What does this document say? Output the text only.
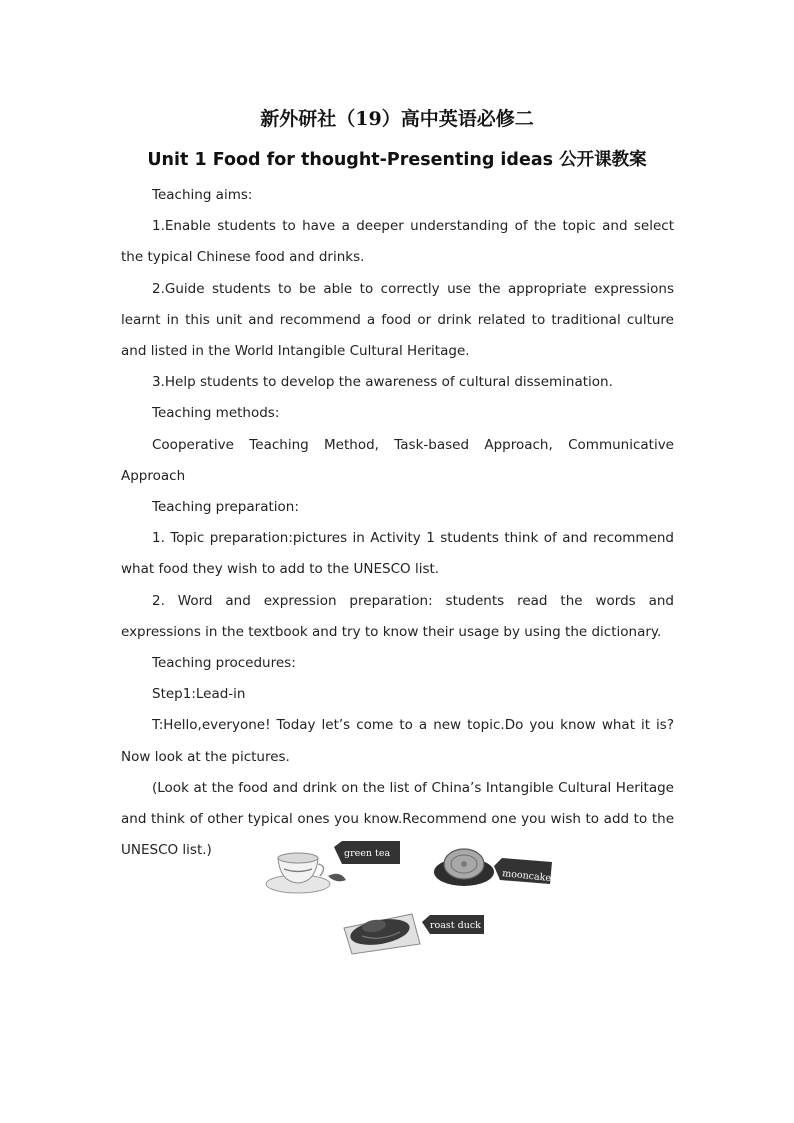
新外研社（19）高中英语必修二
Unit 1 Food for thought-Presenting ideas 公开课教案

Teaching aims:

1.Enable students to have a deeper understanding of the topic and select the typical Chinese food and drinks.

2.Guide students to be able to correctly use the appropriate expressions learnt in this unit and recommend a food or drink related to traditional culture and listed in the World Intangible Cultural Heritage.

3.Help students to develop the awareness of cultural dissemination.

Teaching methods:

Cooperative Teaching Method, Task-based Approach, Communicative Approach

Teaching preparation:

1. Topic preparation:pictures in Activity 1 students think of and recommend what food they wish to add to the UNESCO list.

2. Word and expression preparation: students read the words and expressions in the textbook and try to know their usage by using the dictionary.

Teaching procedures:

Step1:Lead-in

T:Hello,everyone! Today let’s come to a new topic.Do you know what it is?Now look at the pictures.

(Look at the food and drink on the list of China’s Intangible Cultural Heritage and think of other typical ones you know.Recommend one you wish to add to the UNESCO list.)	green tea
mooncake
roast duck
